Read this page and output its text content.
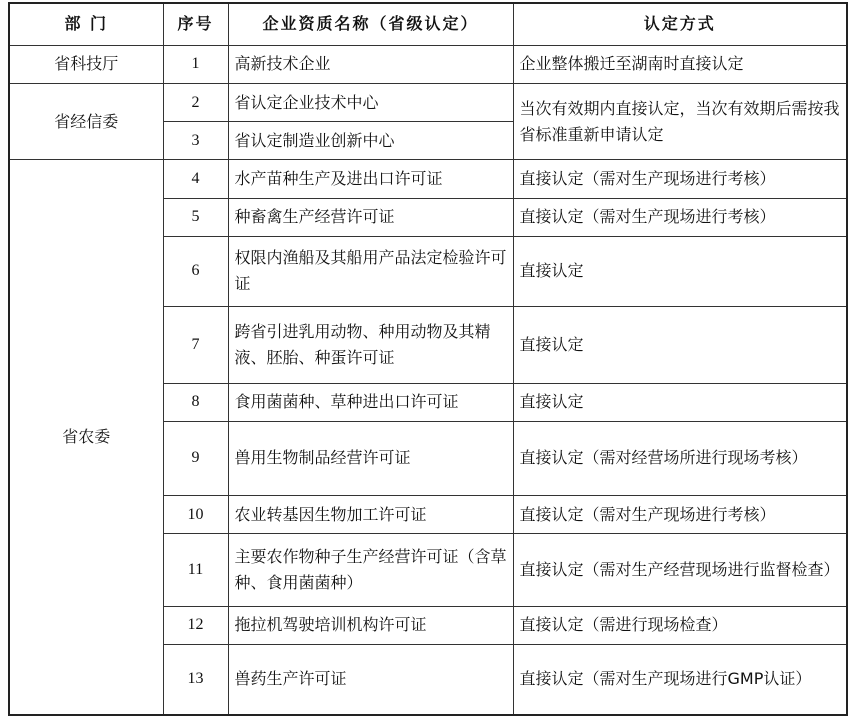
部 门	序号	企业资质名称（省级认定）	认定方式
省科技厅	1	高新技术企业	企业整体搬迁至湖南时直接认定
省经信委	2	省认定企业技术中心	当次有效期内直接认定，当次有效期后需按我省标准重新申请认定
	3	省认定制造业创新中心	
省农委	4	水产苗种生产及进出口许可证	直接认定（需对生产现场进行考核）
	5	种畜禽生产经营许可证	直接认定（需对生产现场进行考核）
	6	权限内渔船及其船用产品法定检验许可证	直接认定
	7	跨省引进乳用动物、种用动物及其精液、胚胎、种蛋许可证	直接认定
	8	食用菌菌种、草种进出口许可证	直接认定
	9	兽用生物制品经营许可证	直接认定（需对经营场所进行现场考核）
	10	农业转基因生物加工许可证	直接认定（需对生产现场进行考核）
	11	主要农作物种子生产经营许可证（含草种、食用菌菌种）	直接认定（需对生产经营现场进行监督检查）
	12	拖拉机驾驶培训机构许可证	直接认定（需进行现场检查）
	13	兽药生产许可证	直接认定（需对生产现场进行GMP认证）
